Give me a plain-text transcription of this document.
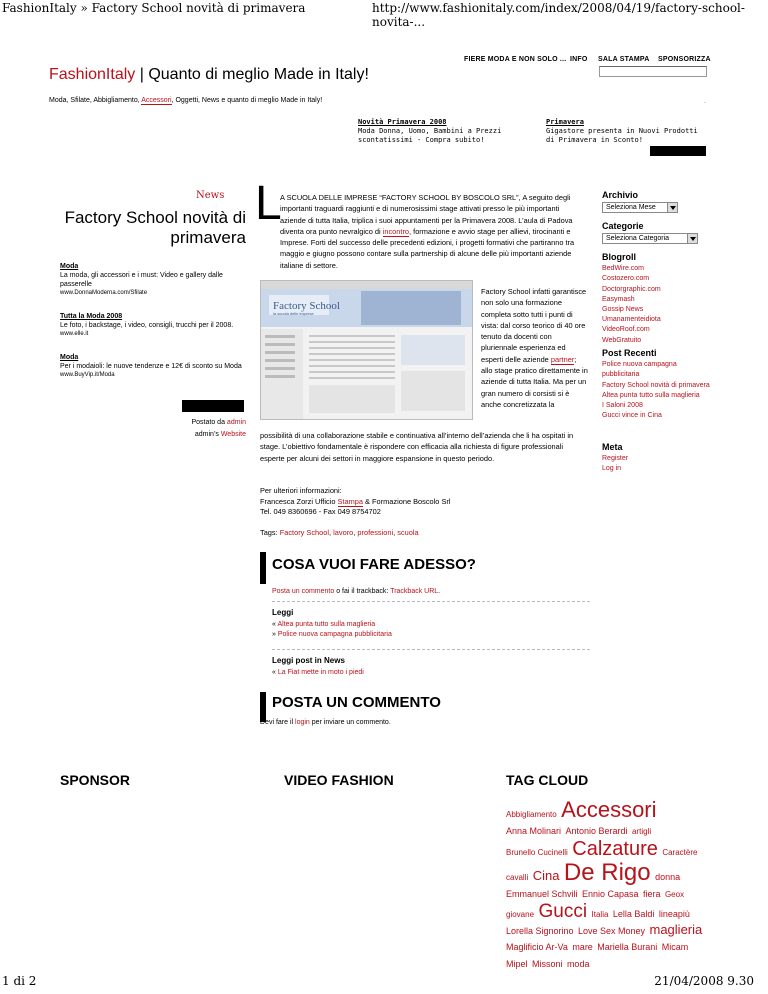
FashionItaly » Factory School novità di primavera	http://www.fashionitaly.com/index/2008/04/19/factory-school-novita-...
FIERE MODA E NON SOLO ... INFO SALA STAMPA SPONSORIZZA
FashionItaly | Quanto di meglio Made in Italy!
Moda, Sfilate, Abbigliamento, Accessori, Oggetti, News e quanto di meglio Made in Italy!	-
Novità Primavera 2008
Moda Donna, Uomo, Bambini a Prezzi scontatissimi - Compra subito!
Primavera
Gigastore presenta in Nuovi Prodotti di Primavera in Sconto!
News
Factory School novità di primavera
Moda
La moda, gli accessori e i must: Video e gallery dalle passerelle
www.DonnaModerna.com/Sfilate
Tutta la Moda 2008
Le foto, i backstage, i video, consigli, trucchi per il 2008.
www.elle.it
Moda
Per i modaioli: le nuove tendenze e 12€ di sconto su Moda
www.BuyVip.it/Moda
Postato da admin
admin’s Website
L

A SCUOLA DELLE IMPRESE “FACTORY SCHOOL BY BOSCOLO SRL”, A seguito degli importanti traguardi raggiunti e di numerosissimi stage attivati presso le più importanti aziende di tutta Italia, triplica i suoi appuntamenti per la Primavera 2008. L’aula di Padova diventa ora punto nevralgico di incontro, formazione e avvio stage per allievi, tirocinanti e Imprese. Forti del successo delle precedenti edizioni, i progetti formativi che partiranno tra maggio e giugno possono contare sulla partnership di alcune delle più importanti aziende italiane di settore.

Factory School
la scuola delle imprese
Factory School infatti garantisce non solo una formazione completa sotto tutti i punti di vista: dal corso teorico di 40 ore tenuto da docenti con pluriennale esperienza ed esperti delle aziende partner; allo stage pratico direttamente in aziende di tutta Italia. Ma per un gran numero di corsisti si è anche concretizzata la
possibilità di una collaborazione stabile e continuativa all’interno dell’azienda che li ha ospitati in stage. L’obiettivo fondamentale è rispondere con efficacia alla richiesta di figure professionali esperte per alcuni dei settori in maggiore espansione in questo periodo.
Per ulteriori informazioni:
Francesca Zorzi Ufficio Stampa & Formazione Boscolo Srl
Tel. 049 8360696 - Fax 049 8754702
Tags: Factory School, lavoro, professioni, scuola
COSA VUOI FARE ADESSO?
Posta un commento o fai il trackback: Trackback URL.
Leggi
« Altea punta tutto sulla maglieria
» Police nuova campagna pubblicitaria
Leggi post in News
« La Fiat mette in moto i piedi
POSTA UN COMMENTO
Devi fare il login per inviare un commento.
Archivio
Seleziona Mese
Categorie
Seleziona Categoria
Blogroll
BedWire.com
Costozero.com
Doctorgraphic.com
Easymash
Gossip News
Umanamenteidiota
VideoRoof.com
WebGratuito
Post Recenti
Police nuova campagna pubblicitaria
Factory School novità di primavera
Altea punta tutto sulla maglieria
I Saloni 2008
Gucci vince in Cina
Meta
Register
Log in
SPONSOR	VIDEO FASHION	TAG CLOUD
Abbigliamento Accessori Anna Molinari Antonio Berardi artigli Brunello Cucinelli Calzature Caractère cavalli Cina De Rigo donna Emmanuel Schvili Ennio Capasa fiera Geox giovane Gucci Italia Lella Baldi lineapiù Lorella Signorino Love Sex Money maglieria Maglificio Ar-Va mare Mariella Burani Micam Mipel Missoni moda
1 di 2	21/04/2008 9.30
